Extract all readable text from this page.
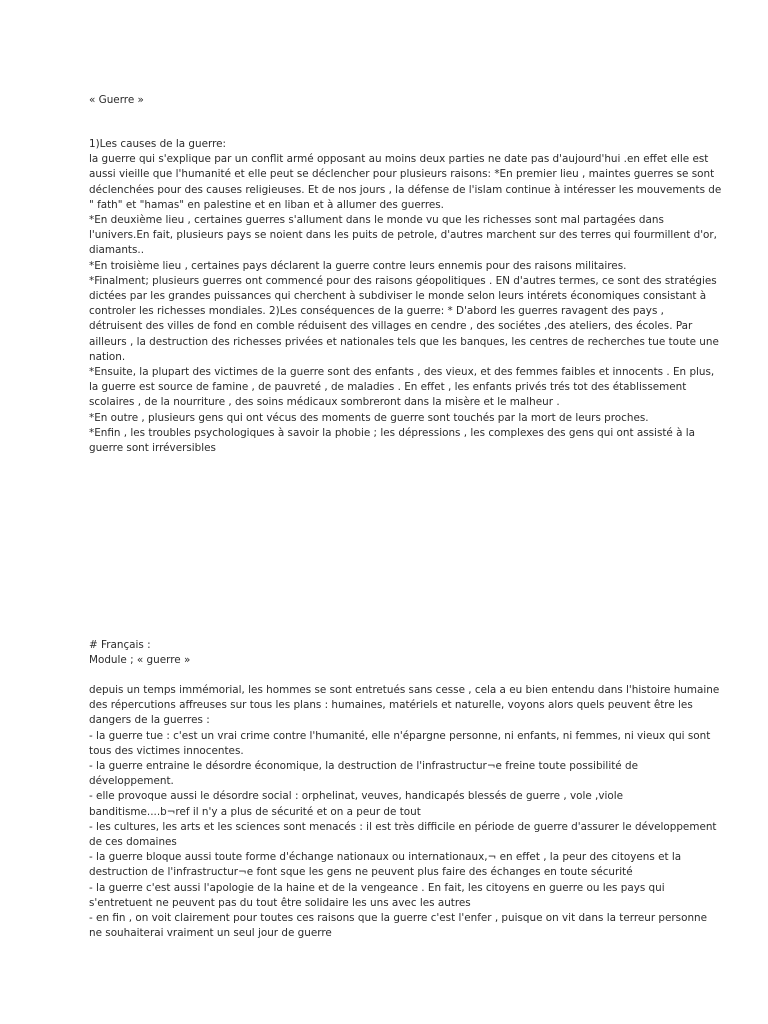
« Guerre »
1)Les causes de la guerre:
la guerre qui s'explique par un conflit armé opposant au moins deux parties ne date pas d'aujourd'hui .en effet elle est
aussi vieille que l'humanité et elle peut se déclencher pour plusieurs raisons: *En premier lieu , maintes guerres se sont
déclenchées pour des causes religieuses. Et de nos jours , la défense de l'islam continue à intéresser les mouvements de
" fath" et "hamas" en palestine et en liban et à allumer des guerres.
*En deuxième lieu , certaines guerres s'allument dans le monde vu que les richesses sont mal partagées dans
l'univers.En fait, plusieurs pays se noient dans les puits de petrole, d'autres marchent sur des terres qui fourmillent d'or,
diamants..
*En troisième lieu , certaines pays déclarent la guerre contre leurs ennemis pour des raisons militaires.
*Finalment; plusieurs guerres ont commencé pour des raisons géopolitiques . EN d'autres termes, ce sont des stratégies
dictées par les grandes puissances qui cherchent à subdiviser le monde selon leurs intérets économiques consistant à
controler les richesses mondiales. 2)Les conséquences de la guerre: * D'abord les guerres ravagent des pays ,
détruisent des villes de fond en comble réduisent des villages en cendre , des sociétes ,des ateliers, des écoles. Par
ailleurs , la destruction des richesses privées et nationales tels que les banques, les centres de recherches tue toute une
nation.
*Ensuite, la plupart des victimes de la guerre sont des enfants , des vieux, et des femmes faibles et innocents . En plus,
la guerre est source de famine , de pauvreté , de maladies . En effet , les enfants privés trés tot des établissement
scolaires , de la nourriture , des soins médicaux sombreront dans la misère et le malheur .
*En outre , plusieurs gens qui ont vécus des moments de guerre sont touchés par la mort de leurs proches.
*Enfin , les troubles psychologiques à savoir la phobie ; les dépressions , les complexes des gens qui ont assisté à la
guerre sont irréversibles
# Français :
Module ; « guerre »
depuis un temps immémorial, les hommes se sont entretués sans cesse , cela a eu bien entendu dans l'histoire humaine
des répercutions affreuses sur tous les plans : humaines, matériels et naturelle, voyons alors quels peuvent être les
dangers de la guerres :
- la guerre tue : c'est un vrai crime contre l'humanité, elle n'épargne personne, ni enfants, ni femmes, ni vieux qui sont
tous des victimes innocentes.
- la guerre entraine le désordre économique, la destruction de l'infrastructur¬e freine toute possibilité de
développement.
- elle provoque aussi le désordre social : orphelinat, veuves, handicapés blessés de guerre , vole ,viole
banditisme....b¬ref il n'y a plus de sécurité et on a peur de tout
- les cultures, les arts et les sciences sont menacés : il est très difficile en période de guerre d'assurer le développement
de ces domaines
- la guerre bloque aussi toute forme d'échange nationaux ou internationaux,¬ en effet , la peur des citoyens et la
destruction de l'infrastructur¬e font sque les gens ne peuvent plus faire des échanges en toute sécurité
- la guerre c'est aussi l'apologie de la haine et de la vengeance . En fait, les citoyens en guerre ou les pays qui
s'entretuent ne peuvent pas du tout être solidaire les uns avec les autres
- en fin , on voit clairement pour toutes ces raisons que la guerre c'est l'enfer , puisque on vit dans la terreur personne
ne souhaiterai vraiment un seul jour de guerre
